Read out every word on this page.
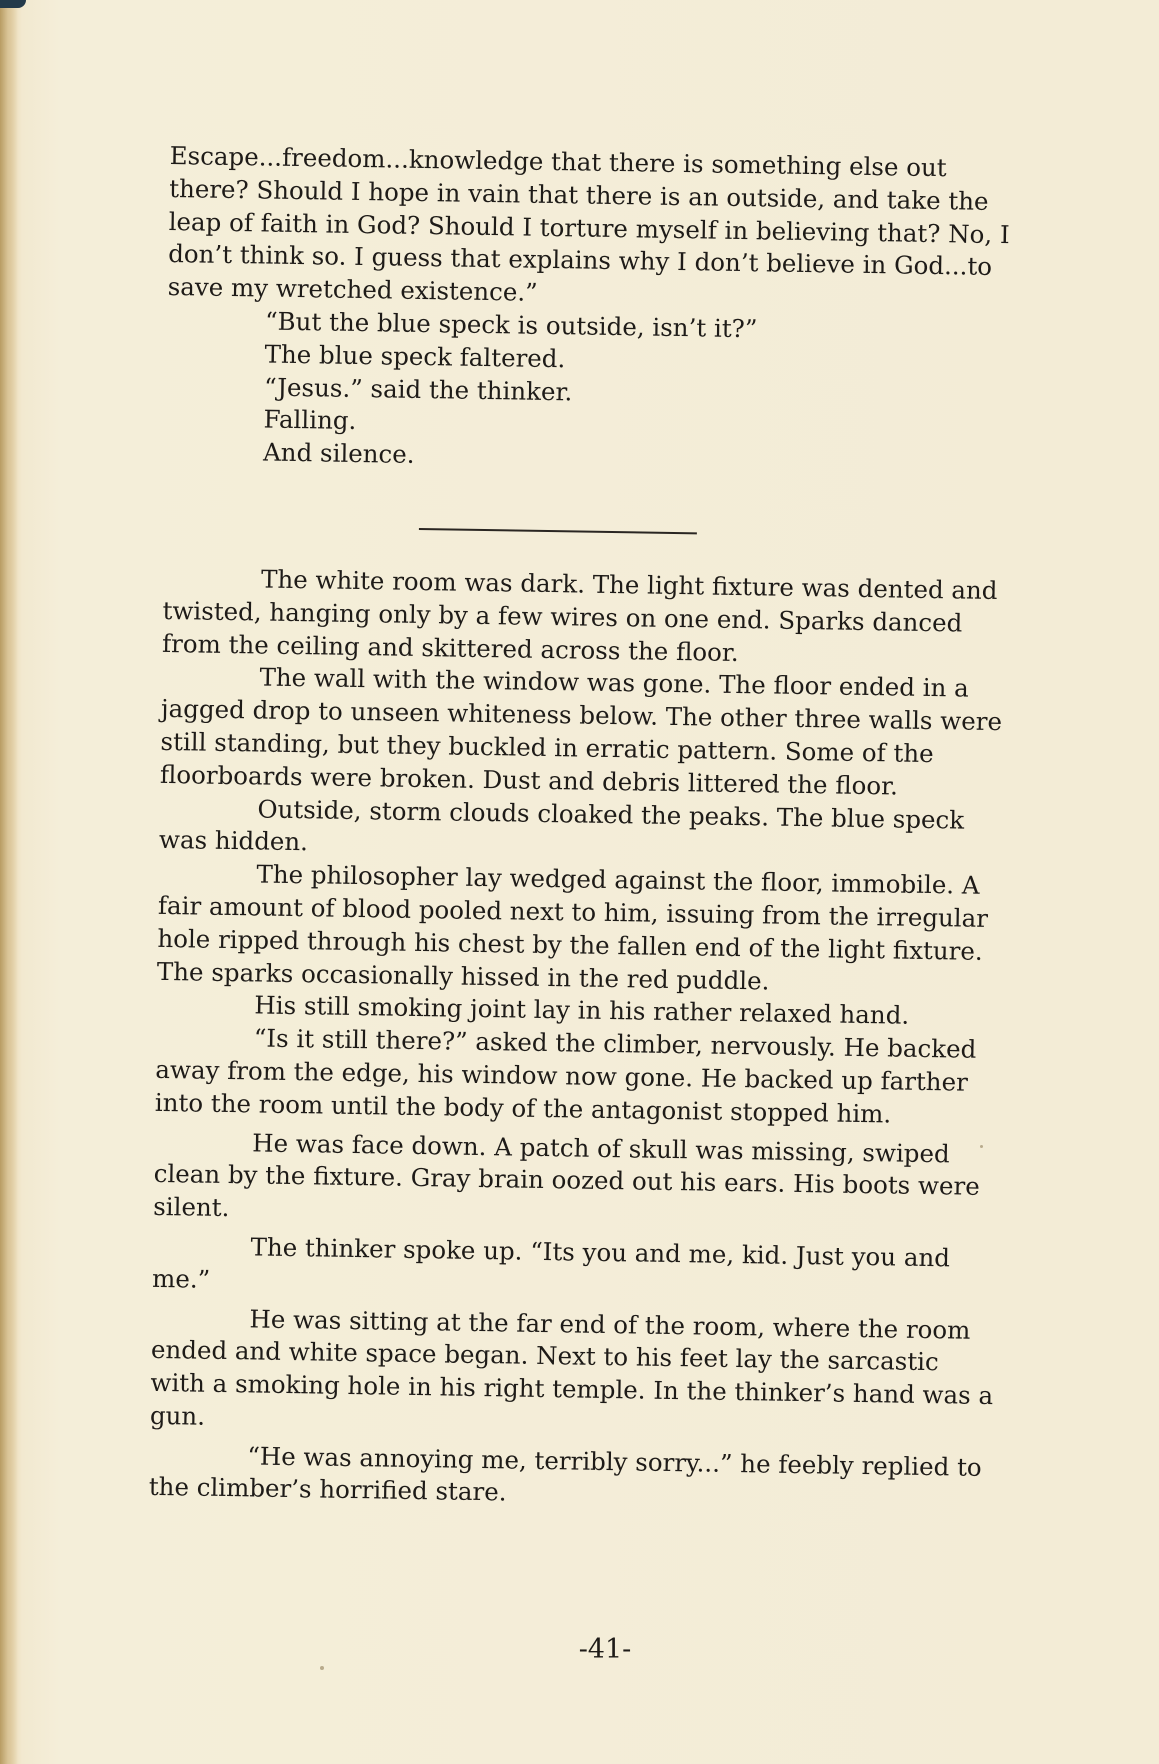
Escape...freedom...knowledge that there is something else out there? Should I hope in vain that there is an outside, and take the leap of faith in God? Should I torture myself in believing that? No, I don’t think so. I guess that explains why I don’t believe in God...to save my wretched existence.”

“But the blue speck is outside, isn’t it?”

The blue speck faltered.

“Jesus.” said the thinker.

Falling.

And silence.

The white room was dark. The light fixture was dented and twisted, hanging only by a few wires on one end. Sparks danced from the ceiling and skittered across the floor.

The wall with the window was gone. The floor ended in a jagged drop to unseen whiteness below. The other three walls were still standing, but they buckled in erratic pattern. Some of the floorboards were broken. Dust and debris littered the floor.

Outside, storm clouds cloaked the peaks. The blue speck was hidden.

The philosopher lay wedged against the floor, immobile. A fair amount of blood pooled next to him, issuing from the irregular hole ripped through his chest by the fallen end of the light fixture. The sparks occasionally hissed in the red puddle.

His still smoking joint lay in his rather relaxed hand.

“Is it still there?” asked the climber, nervously. He backed away from the edge, his window now gone. He backed up farther into the room until the body of the antagonist stopped him.

He was face down. A patch of skull was missing, swiped clean by the fixture. Gray brain oozed out his ears. His boots were silent.

The thinker spoke up. “Its you and me, kid. Just you and me.”

He was sitting at the far end of the room, where the room ended and white space began. Next to his feet lay the sarcastic with a smoking hole in his right temple. In the thinker’s hand was a gun.

“He was annoying me, terribly sorry...” he feebly replied to the climber’s horrified stare.

-41-
